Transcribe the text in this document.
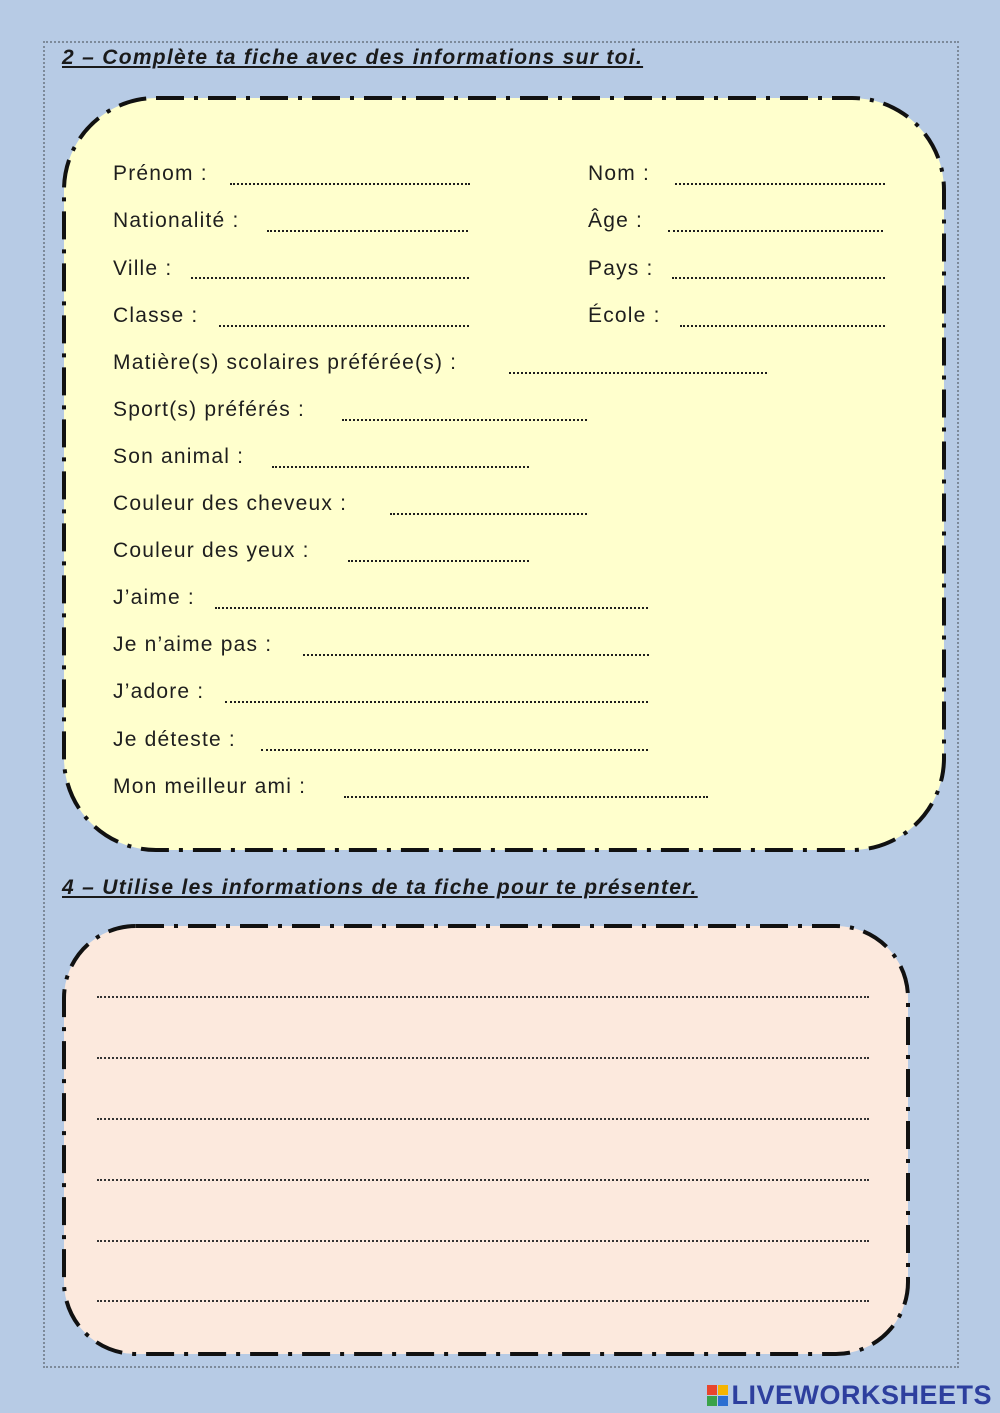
2 – Complète ta fiche avec des informations sur toi.
Prénom :
Nationalité :
Ville :
Classe :
Matière(s) scolaires préférée(s) :
Sport(s) préférés :
Son animal :
Couleur des cheveux :
Couleur des yeux :
J’aime :
Je n’aime pas :
J’adore :
Je déteste :
Mon meilleur ami :
Nom :
Âge :
Pays :
École :
4 – Utilise les informations de ta fiche pour te présenter.
LIVEWORKSHEETS
